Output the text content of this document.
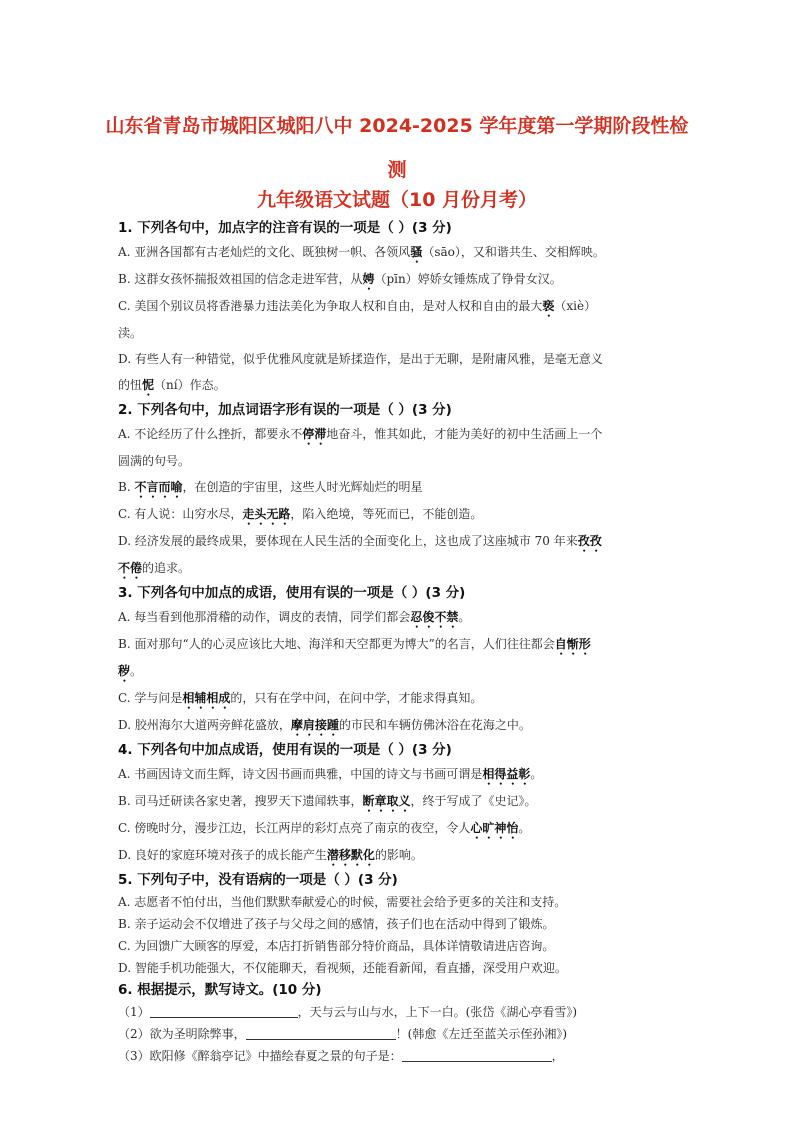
山东省青岛市城阳区城阳八中 2024-2025 学年度第一学期阶段性检
测
九年级语文试题（10 月份月考）
1. 下列各句中，加点字的注音有误的一项是（ ）(3 分)
A. 亚洲各国都有古老灿烂的文化、既独树一帜、各领风骚（sāo），又和谐共生、交相辉映。
B. 这群女孩怀揣报效祖国的信念走进军营，从娉（pīn）婷娇女锤炼成了铮骨女汉。
C. 美国个别议员将香港暴力违法美化为争取人权和自由，是对人权和自由的最大亵（xiè）
渎。
D. 有些人有一种错觉，似乎优雅风度就是矫揉造作，是出于无聊，是附庸风雅，是毫无意义
的忸怩（ní）作态。
2. 下列各句中，加点词语字形有误的一项是（ ）(3 分)
A. 不论经历了什么挫折，都要永不停滞地奋斗，惟其如此，才能为美好的初中生活画上一个
圆满的句号。
B. 不言而喻，在创造的宇宙里，这些人时光辉灿烂的明星
C. 有人说：山穷水尽，走头无路，陷入绝境，等死而已，不能创造。
D. 经济发展的最终成果，要体现在人民生活的全面变化上，这也成了这座城市 70 年来孜孜
不倦的追求。
3. 下列各句中加点的成语，使用有误的一项是（ ）(3 分)
A. 每当看到他那滑稽的动作，调皮的表情，同学们都会忍俊不禁。
B. 面对那句“人的心灵应该比大地、海洋和天空都更为博大”的名言，人们往往都会自惭形
秽。
C. 学与问是相辅相成的，只有在学中问，在问中学，才能求得真知。
D. 胶州海尔大道两旁鲜花盛放，摩肩接踵的市民和车辆仿佛沐浴在花海之中。
4. 下列各句中加点成语，使用有误的一项是（ ）(3 分)
A. 书画因诗文而生辉，诗文因书画而典雅，中国的诗文与书画可谓是相得益彰。
B. 司马迁研读各家史著，搜罗天下遗闻轶事，断章取义，终于写成了《史记》。
C. 傍晚时分，漫步江边，长江两岸的彩灯点亮了南京的夜空，令人心旷神怡。
D. 良好的家庭环境对孩子的成长能产生潜移默化的影响。
5. 下列句子中，没有语病的一项是（ ）(3 分)
A. 志愿者不怕付出，当他们默默奉献爱心的时候，需要社会给予更多的关注和支持。
B. 亲子运动会不仅增进了孩子与父母之间的感情，孩子们也在活动中得到了锻炼。
C. 为回馈广大顾客的厚爱，本店打折销售部分特价商品，具体详情敬请进店咨询。
D. 智能手机功能强大，不仅能聊天，看视频，还能看新闻，看直播，深受用户欢迎。
6. 根据提示，默写诗文。(10 分)
（1）	，天与云与山与水，上下一白。(张岱《湖心亭看雪》)
（2）欲为圣明除弊事，	！(韩愈《左迁至蓝关示侄孙湘》)
（3）欧阳修《醉翁亭记》中描绘春夏之景的句子是：	，
